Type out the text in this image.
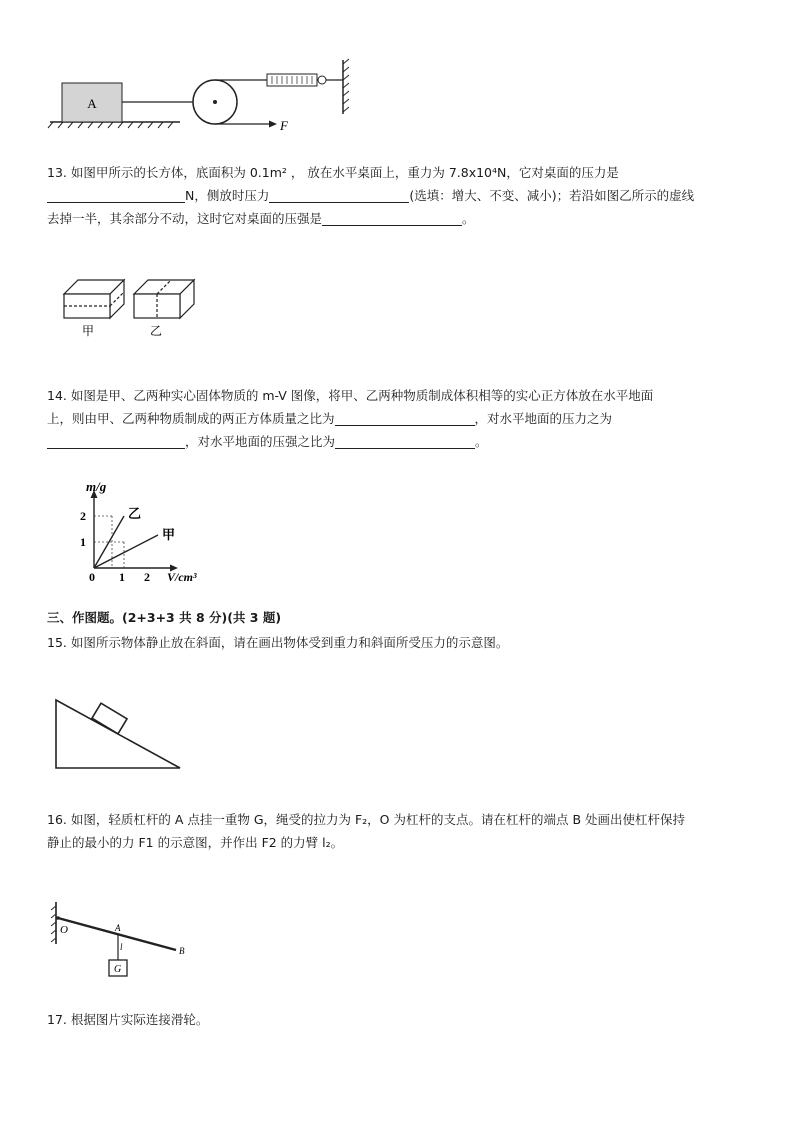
A
F

13. 如图甲所示的长方体，底面积为 0.1m² ， 放在水平桌面上，重力为 7.8x10⁴N，它对桌面的压力是
N，侧放时压力	(选填：增大、不变、减小)；若沿如图乙所示的虚线
去掉一半，其余部分不动，这时它对桌面的压强是	。

甲	乙

14. 如图是甲、乙两种实心固体物质的 m-V 图像，将甲、乙两种物质制成体积相等的实心正方体放在水平地面
上，则由甲、乙两种物质制成的两正方体质量之比为	，对水平地面的压力之为
，对水平地面的压强之比为	。

m/g
2
1
0 1 2 V/cm³
乙
甲
三、作图题。(2+3+3 共 8 分)(共 3 题)

15. 如图所示物体静止放在斜面，请在画出物体受到重力和斜面所受压力的示意图。

16. 如图，轻质杠杆的 A 点挂一重物 G，绳受的拉力为 F₂，O 为杠杆的支点。请在杠杆的端点 B 处画出使杠杆保持
静止的最小的力 F1 的示意图，并作出 F2 的力臂 l₂。

O	A
B
l
G

17. 根据图片实际连接滑轮。
